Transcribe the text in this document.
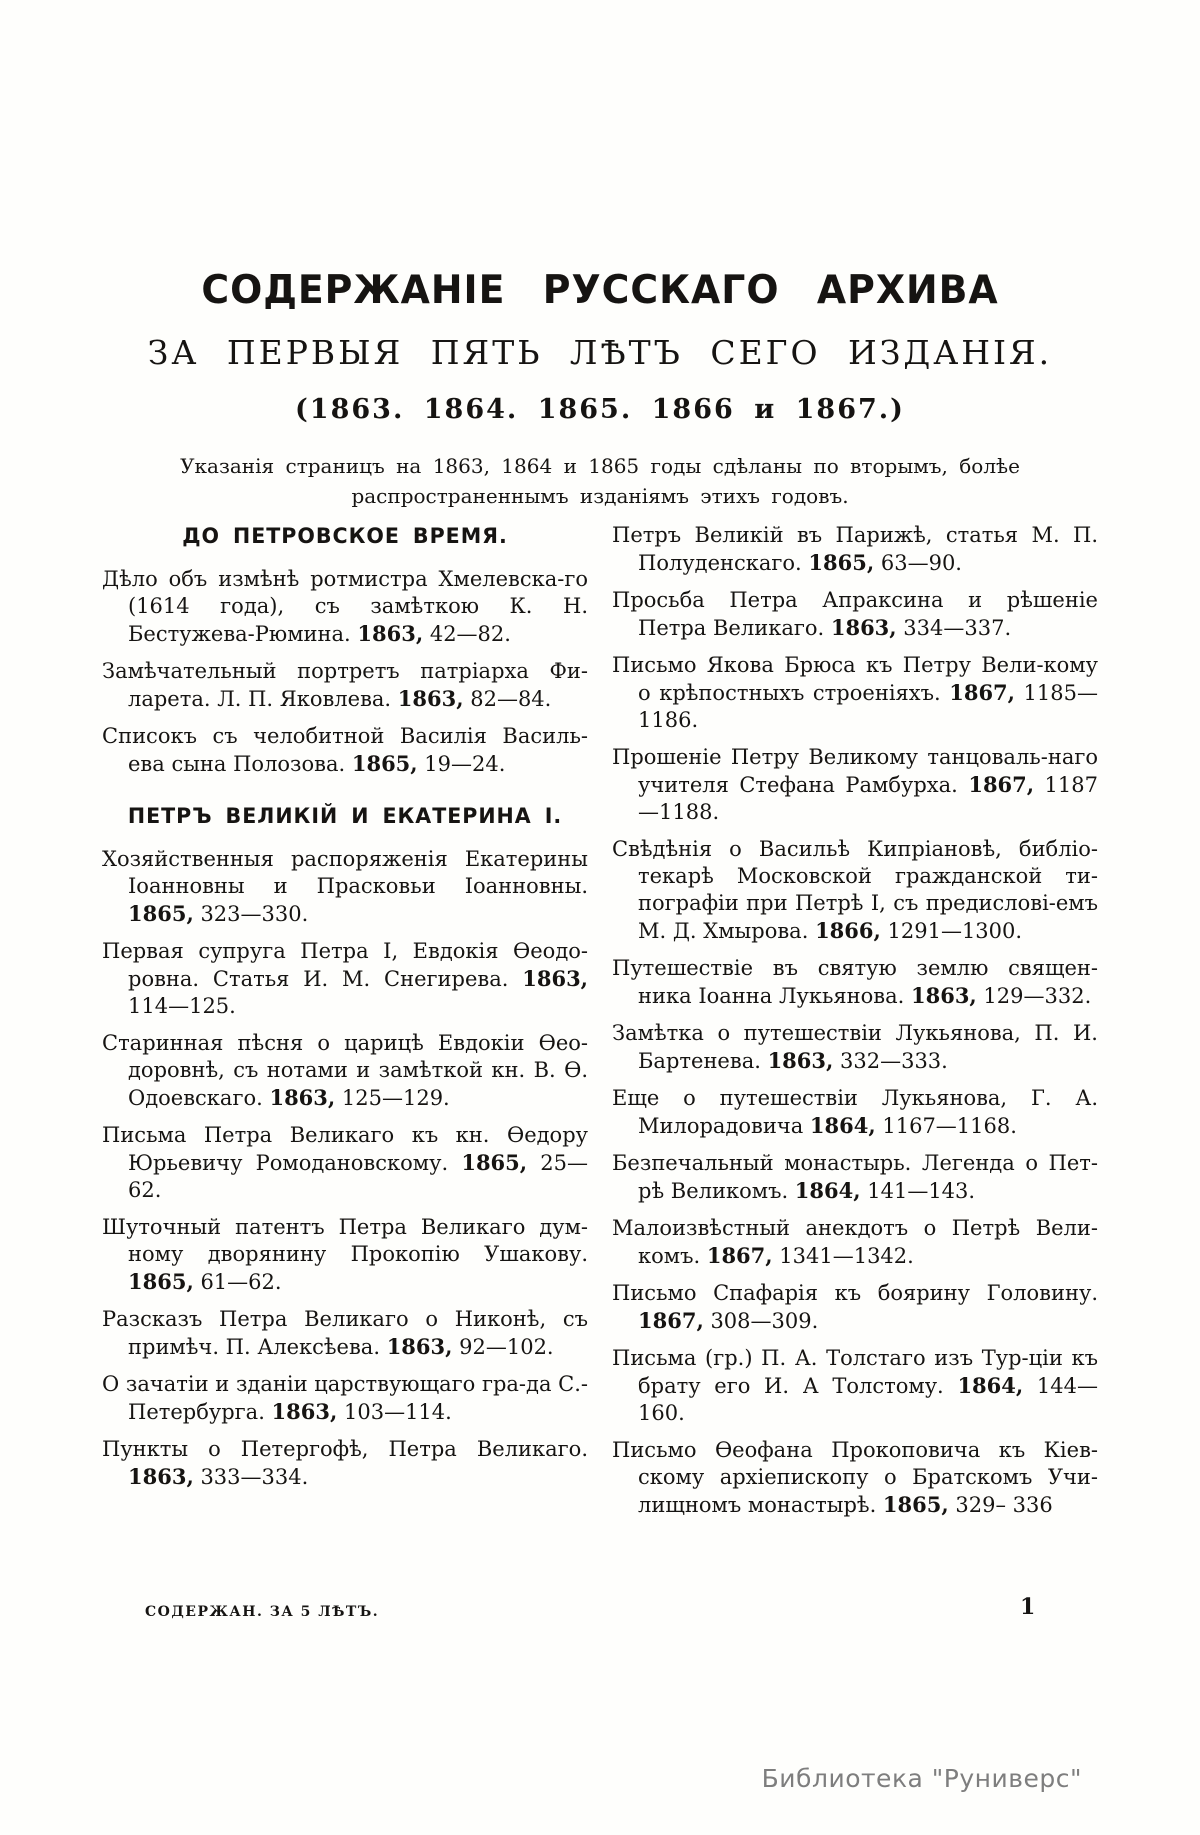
СОДЕРЖАНІЕ РУССКАГО АРХИВА
ЗА ПЕРВЫЯ ПЯТЬ ЛѢТЪ СЕГО ИЗДАНІЯ.
(1863. 1864. 1865. 1866 и 1867.)

Указанія страницъ на 1863, 1864 и 1865 годы сдѣланы по вторымъ, болѣе распространеннымъ изданіямъ этихъ годовъ.

ДО ПЕТРОВСКОЕ ВРЕМЯ.

Дѣло объ измѣнѣ ротмистра Хмелевска-го (1614 года), съ замѣткою К. Н. Бестужева-Рюмина. 1863, 42—82.

Замѣчательный портретъ патріарха Фи-ларета. Л. П. Яковлева. 1863, 82—84.

Списокъ съ челобитной Василія Василь-ева сына Полозова. 1865, 19—24.

ПЕТРЪ ВЕЛИКІЙ И ЕКАТЕРИНА I.

Хозяйственныя распоряженія Екатерины Іоанновны и Прасковьи Іоанновны. 1865, 323—330.

Первая супруга Петра I, Евдокія Ѳеодо-ровна. Статья И. М. Снегирева. 1863, 114—125.

Старинная пѣсня о царицѣ Евдокіи Ѳео-доровнѣ, съ нотами и замѣткой кн. В. Ѳ. Одоевскаго. 1863, 125—129.

Письма Петра Великаго къ кн. Ѳедору Юрьевичу Ромодановскому. 1865, 25—62.

Шуточный патентъ Петра Великаго дум-ному дворянину Прокопію Ушакову. 1865, 61—62.

Разсказъ Петра Великаго о Никонѣ, съ примѣч. П. Алексѣева. 1863, 92—102.

О зачатіи и зданіи царствующаго гра-да С.-Петербурга. 1863, 103—114.

Пункты о Петергофѣ, Петра Великаго. 1863, 333—334.

Петръ Великій въ Парижѣ, статья М. П. Полуденскаго. 1865, 63—90.

Просьба Петра Апраксина и рѣшеніе Петра Великаго. 1863, 334—337.

Письмо Якова Брюса къ Петру Вели-кому о крѣпостныхъ строеніяхъ. 1867, 1185—1186.

Прошеніе Петру Великому танцоваль-наго учителя Стефана Рамбурха. 1867, 1187—1188.

Свѣдѣнія о Васильѣ Кипріановѣ, библіо-текарѣ Московской гражданской ти-пографіи при Петрѣ I, съ предислові-емъ М. Д. Хмырова. 1866, 1291—1300.

Путешествіе въ святую землю священ-ника Іоанна Лукьянова. 1863, 129—332.

Замѣтка о путешествіи Лукьянова, П. И. Бартенева. 1863, 332—333.

Еще о путешествіи Лукьянова, Г. А. Милорадовича 1864, 1167—1168.

Безпечальный монастырь. Легенда о Пет-рѣ Великомъ. 1864, 141—143.

Малоизвѣстный анекдотъ о Петрѣ Вели-комъ. 1867, 1341—1342.

Письмо Спафарія къ боярину Головину. 1867, 308—309.

Письма (гр.) П. А. Толстаго изъ Тур-ціи къ брату его И. А Толстому. 1864, 144—160.

Письмо Ѳеофана Прокоповича къ Кіев-скому архіепископу о Братскомъ Учи-лищномъ монастырѣ. 1865, 329– 336

СОДЕРЖАН. ЗА 5 ЛѢТЪ.	1
Библиотека "Руниверс"
